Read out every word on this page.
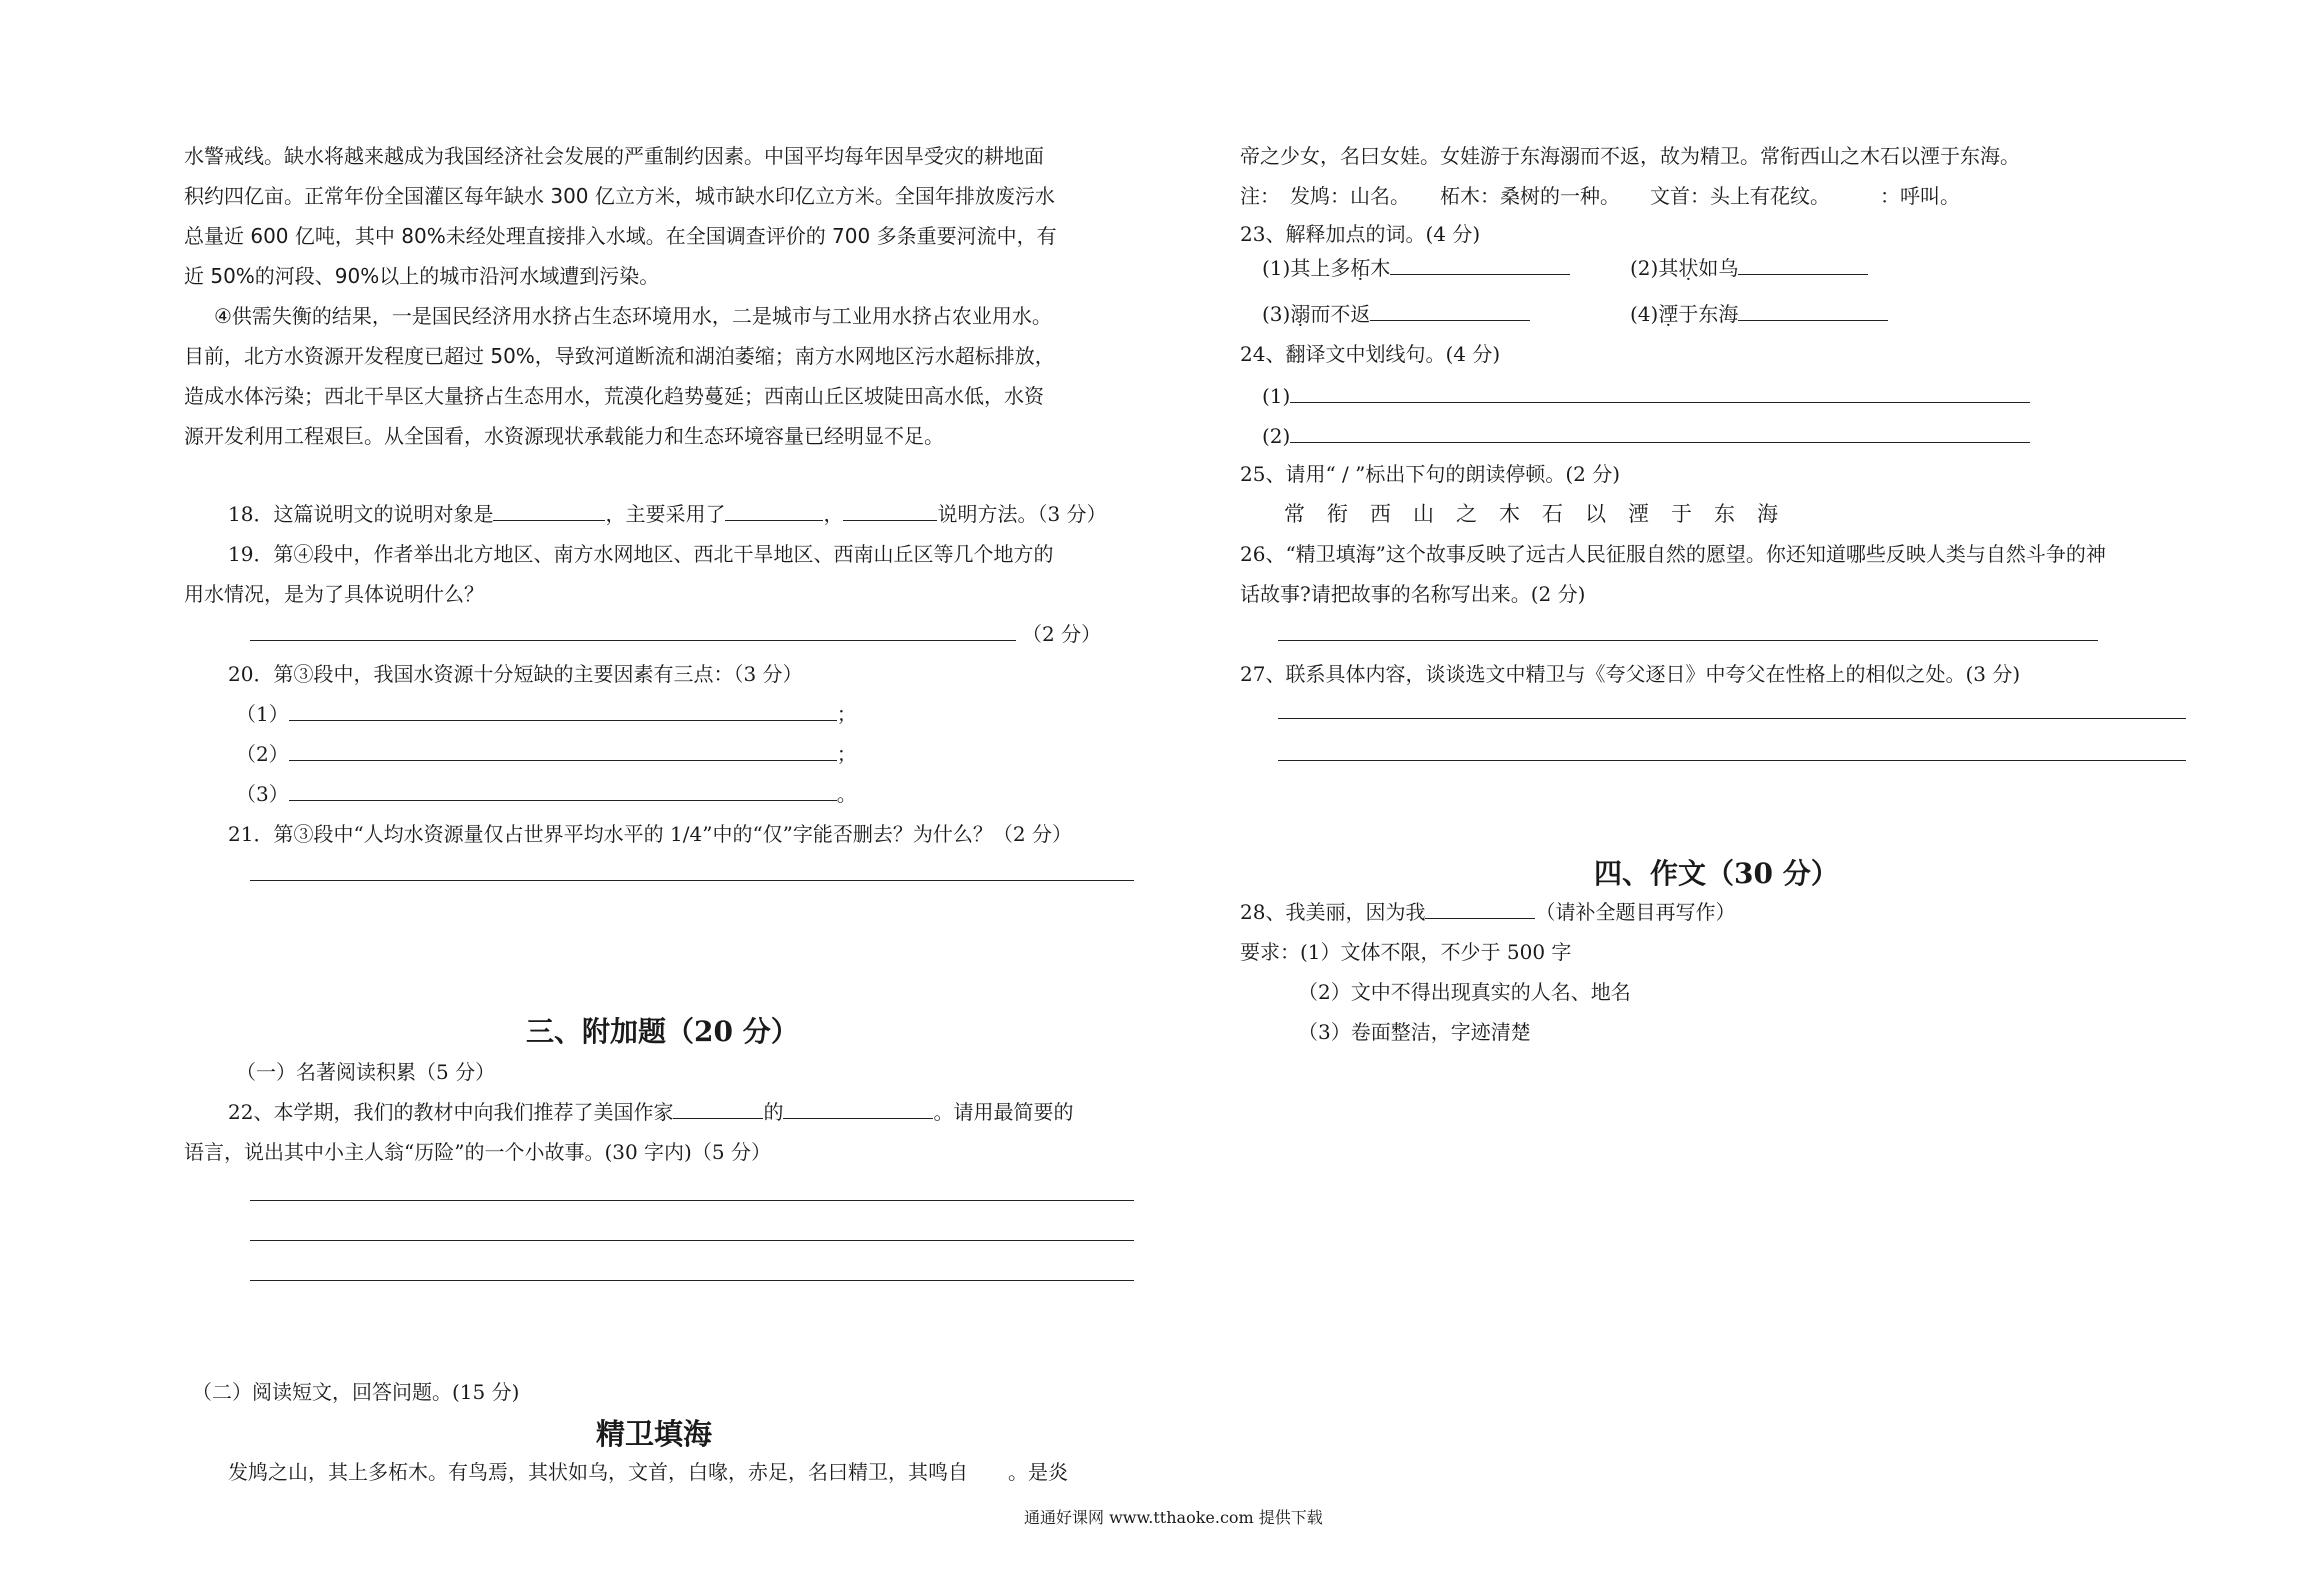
水警戒线。缺水将越来越成为我国经济社会发展的严重制约因素。中国平均每年因旱受灾的耕地面
积约四亿亩。正常年份全国灌区每年缺水 300 亿立方米，城市缺水印亿立方米。全国年排放废污水
总量近 600 亿吨，其中 80%未经处理直接排入水域。在全国调查评价的 700 多条重要河流中，有
近 50%的河段、90%以上的城市沿河水域遭到污染。
④供需失衡的结果，一是国民经济用水挤占生态环境用水，二是城市与工业用水挤占农业用水。
目前，北方水资源开发程度已超过 50%，导致河道断流和湖泊萎缩；南方水网地区污水超标排放，
造成水体污染；西北干旱区大量挤占生态用水，荒漠化趋势蔓延；西南山丘区坡陡田高水低，水资
源开发利用工程艰巨。从全国看，水资源现状承载能力和生态环境容量已经明显不足。
18．这篇说明文的说明对象是	，主要采用了	，	说明方法。（3 分）
19．第④段中，作者举出北方地区、南方水网地区、西北干旱地区、西南山丘区等几个地方的
用水情况，是为了具体说明什么？
（2 分）
20．第③段中，我国水资源十分短缺的主要因素有三点：（3 分）
（1）	；
（2）	；
（3）	。
21．第③段中“人均水资源量仅占世界平均水平的 1/4”中的“仅”字能否删去？为什么？（2 分）
三、附加题（20 分）
（一）名著阅读积累（5 分）
22、本学期，我们的教材中向我们推荐了美国作家	的	。请用最简要的
语言，说出其中小主人翁“历险”的一个小故事。(30 字内)（5 分）
（二）阅读短文，回答问题。(15 分)
精卫填海
发鸠之山，其上多柘木。有鸟焉，其状如乌，文首，白喙，赤足，名曰精卫，其鸣自　　。是炎
帝之少女，名曰女娃。女娃游于东海溺而不返，故为精卫。常衔西山之木石以湮于东海。
注：　发鸠：山名。　　柘木：桑树的一种。　　文首：头上有花纹。　　　：呼叫。
23、解释加点的词。(4 分)
(1)其上多柘木	(2)其状如乌
(3)溺而不返	(4)湮于东海
24、翻译文中划线句。(4 分)
(1)
(2)
25、请用“ / ”标出下句的朗读停顿。(2 分)
常 衔 西 山 之 木 石 以 湮 于 东 海
26、“精卫填海”这个故事反映了远古人民征服自然的愿望。你还知道哪些反映人类与自然斗争的神
话故事?请把故事的名称写出来。(2 分)
27、联系具体内容，谈谈选文中精卫与《夸父逐日》中夸父在性格上的相似之处。(3 分)
四、作文（30 分）
28、我美丽，因为我	（请补全题目再写作）
要求：(1）文体不限，不少于 500 字
（2）文中不得出现真实的人名、地名
（3）卷面整洁，字迹清楚
通通好课网 www.tthaoke.com 提供下载
